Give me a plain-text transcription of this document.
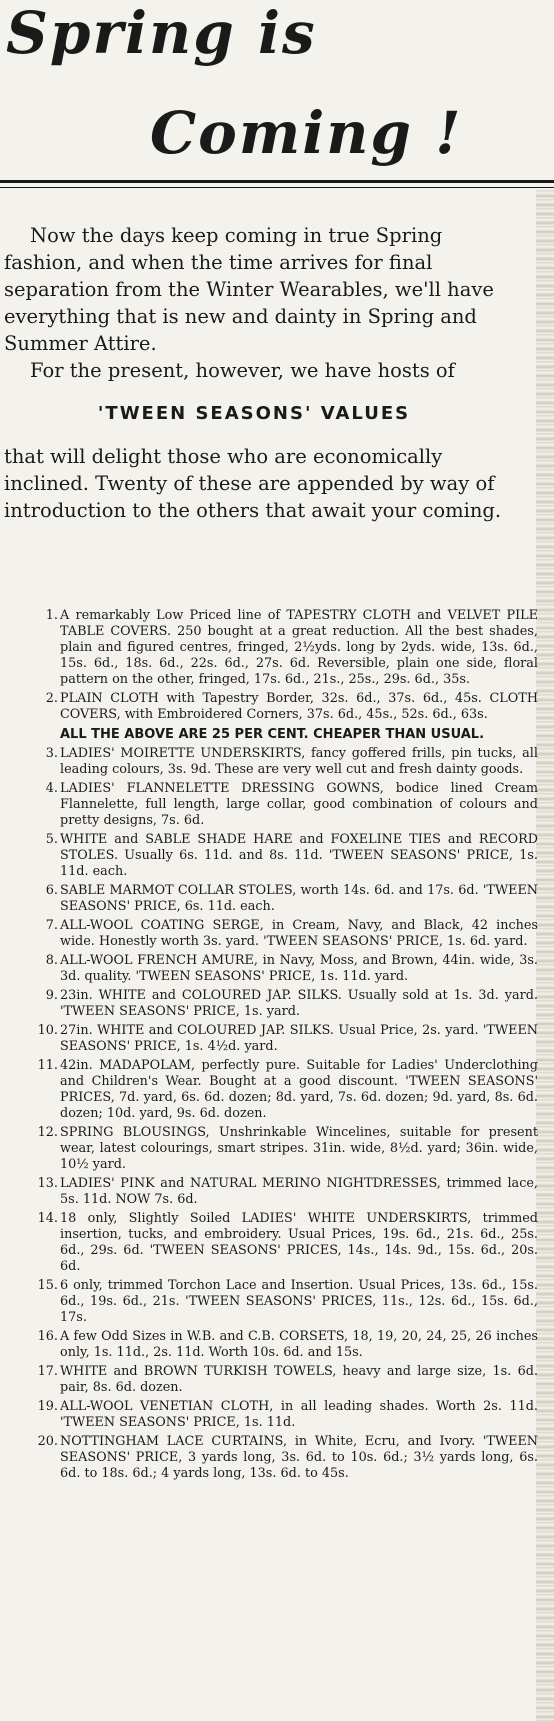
Spring is
Coming !

Now the days keep coming in true Spring fashion, and when the time arrives for final separation from the Winter Wearables, we'll have everything that is new and dainty in Spring and Summer Attire.

For the present, however, we have hosts of

'TWEEN SEASONS' VALUES

that will delight those who are economically inclined. Twenty of these are appended by way of introduction to the others that await your coming.

1. A remarkably Low Priced line of TAPESTRY CLOTH and VELVET PILE TABLE COVERS. 250 bought at a great reduction. All the best shades, plain and figured centres, fringed, 2½yds. long by 2yds. wide, 13s. 6d., 15s. 6d., 18s. 6d., 22s. 6d., 27s. 6d. Reversible, plain one side, floral pattern on the other, fringed, 17s. 6d., 21s., 25s., 29s. 6d., 35s.
2. PLAIN CLOTH with Tapestry Border, 32s. 6d., 37s. 6d., 45s. CLOTH COVERS, with Embroidered Corners, 37s. 6d., 45s., 52s. 6d., 63s.
ALL THE ABOVE ARE 25 PER CENT. CHEAPER THAN USUAL.
3. LADIES' MOIRETTE UNDERSKIRTS, fancy goffered frills, pin tucks, all leading colours, 3s. 9d. These are very well cut and fresh dainty goods.
4. LADIES' FLANNELETTE DRESSING GOWNS, bodice lined Cream Flannelette, full length, large collar, good combination of colours and pretty designs, 7s. 6d.
5. WHITE and SABLE SHADE HARE and FOXELINE TIES and RECORD STOLES. Usually 6s. 11d. and 8s. 11d. 'TWEEN SEASONS' PRICE, 1s. 11d. each.
6. SABLE MARMOT COLLAR STOLES, worth 14s. 6d. and 17s. 6d. 'TWEEN SEASONS' PRICE, 6s. 11d. each.
7. ALL-WOOL COATING SERGE, in Cream, Navy, and Black, 42 inches wide. Honestly worth 3s. yard. 'TWEEN SEASONS' PRICE, 1s. 6d. yard.
8. ALL-WOOL FRENCH AMURE, in Navy, Moss, and Brown, 44in. wide, 3s. 3d. quality. 'TWEEN SEASONS' PRICE, 1s. 11d. yard.
9. 23in. WHITE and COLOURED JAP. SILKS. Usually sold at 1s. 3d. yard. 'TWEEN SEASONS' PRICE, 1s. yard.
10. 27in. WHITE and COLOURED JAP. SILKS. Usual Price, 2s. yard. 'TWEEN SEASONS' PRICE, 1s. 4½d. yard.
11. 42in. MADAPOLAM, perfectly pure. Suitable for Ladies' Underclothing and Children's Wear. Bought at a good discount. 'TWEEN SEASONS' PRICES, 7d. yard, 6s. 6d. dozen; 8d. yard, 7s. 6d. dozen; 9d. yard, 8s. 6d. dozen; 10d. yard, 9s. 6d. dozen.
12. SPRING BLOUSINGS, Unshrinkable Wincelines, suitable for present wear, latest colourings, smart stripes. 31in. wide, 8½d. yard; 36in. wide, 10½ yard.
13. LADIES' PINK and NATURAL MERINO NIGHTDRESSES, trimmed lace, 5s. 11d. NOW 7s. 6d.
14. 18 only, Slightly Soiled LADIES' WHITE UNDERSKIRTS, trimmed insertion, tucks, and embroidery. Usual Prices, 19s. 6d., 21s. 6d., 25s. 6d., 29s. 6d. 'TWEEN SEASONS' PRICES, 14s., 14s. 9d., 15s. 6d., 20s. 6d.
15. 6 only, trimmed Torchon Lace and Insertion. Usual Prices, 13s. 6d., 15s. 6d., 19s. 6d., 21s. 'TWEEN SEASONS' PRICES, 11s., 12s. 6d., 15s. 6d., 17s.
16. A few Odd Sizes in W.B. and C.B. CORSETS, 18, 19, 20, 24, 25, 26 inches only, 1s. 11d., 2s. 11d. Worth 10s. 6d. and 15s.
17. WHITE and BROWN TURKISH TOWELS, heavy and large size, 1s. 6d. pair, 8s. 6d. dozen.
19. ALL-WOOL VENETIAN CLOTH, in all leading shades. Worth 2s. 11d. 'TWEEN SEASONS' PRICE, 1s. 11d.
20. NOTTINGHAM LACE CURTAINS, in White, Ecru, and Ivory. 'TWEEN SEASONS' PRICE, 3 yards long, 3s. 6d. to 10s. 6d.; 3½ yards long, 6s. 6d. to 18s. 6d.; 4 yards long, 13s. 6d. to 45s.
